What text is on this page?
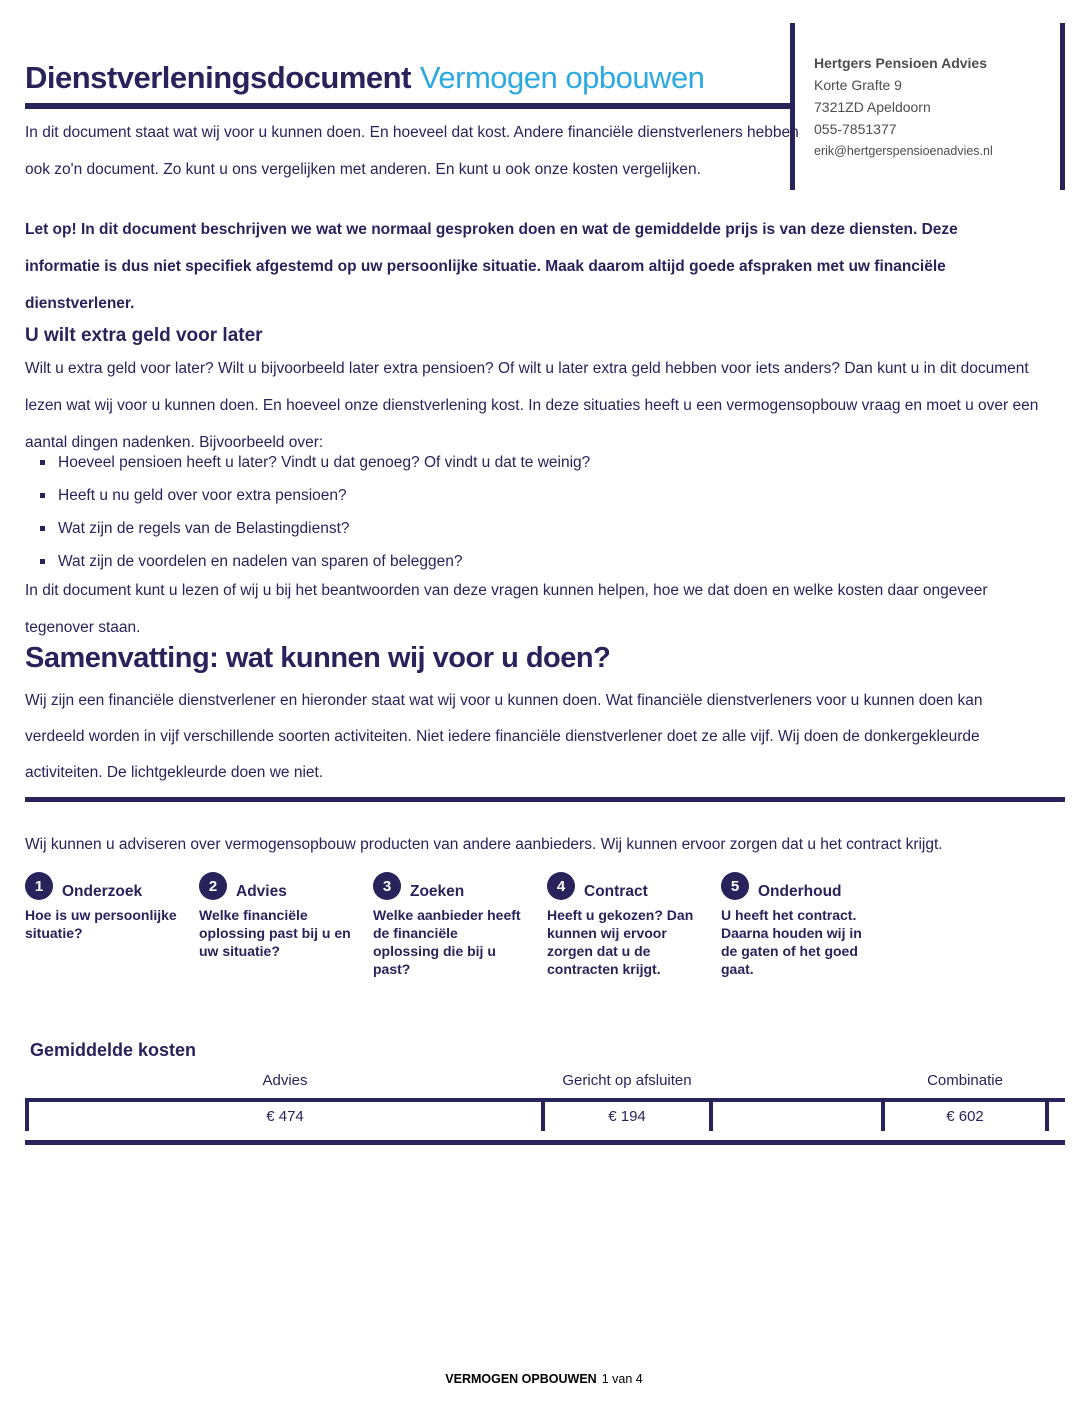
Dienstverleningsdocument Vermogen opbouwen	Hertgers Pensioen Advies
Korte Grafte 9
7321ZD Apeldoorn
055-7851377
erik@hertgerspensioenadvies.nl
In dit document staat wat wij voor u kunnen doen. En hoeveel dat kost. Andere financiële dienstverleners hebben ook zo'n document. Zo kunt u ons vergelijken met anderen. En kunt u ook onze kosten vergelijken.
Let op! In dit document beschrijven we wat we normaal gesproken doen en wat de gemiddelde prijs is van deze diensten. Deze informatie is dus niet specifiek afgestemd op uw persoonlijke situatie. Maak daarom altijd goede afspraken met uw financiële dienstverlener.
U wilt extra geld voor later
Wilt u extra geld voor later? Wilt u bijvoorbeeld later extra pensioen? Of wilt u later extra geld hebben voor iets anders? Dan kunt u in dit document lezen wat wij voor u kunnen doen. En hoeveel onze dienstverlening kost. In deze situaties heeft u een vermogensopbouw vraag en moet u over een aantal dingen nadenken. Bijvoorbeeld over:
Hoeveel pensioen heeft u later? Vindt u dat genoeg? Of vindt u dat te weinig?
Heeft u nu geld over voor extra pensioen?
Wat zijn de regels van de Belastingdienst?
Wat zijn de voordelen en nadelen van sparen of beleggen?
In dit document kunt u lezen of wij u bij het beantwoorden van deze vragen kunnen helpen, hoe we dat doen en welke kosten daar ongeveer tegenover staan.
Samenvatting: wat kunnen wij voor u doen?
Wij zijn een financiële dienstverlener en hieronder staat wat wij voor u kunnen doen. Wat financiële dienstverleners voor u kunnen doen kan verdeeld worden in vijf verschillende soorten activiteiten. Niet iedere financiële dienstverlener doet ze alle vijf. Wij doen de donkergekleurde activiteiten. De lichtgekleurde doen we niet.
Wij kunnen u adviseren over vermogensopbouw producten van andere aanbieders. Wij kunnen ervoor zorgen dat u het contract krijgt.
1	Onderzoek
Hoe is uw persoonlijke situatie?
2	Advies
Welke financiële oplossing past bij u en uw situatie?
3	Zoeken
Welke aanbieder heeft de financiële oplossing die bij u past?
4	Contract
Heeft u gekozen? Dan kunnen wij ervoor zorgen dat u de contracten krijgt.
5	Onderhoud
U heeft het contract. Daarna houden wij in de gaten of het goed gaat.
Gemiddelde kosten
Advies	Gericht op afsluiten	Combinatie
€ 474	€ 194	€ 602
VERMOGEN OPBOUWEN 1 van 4
